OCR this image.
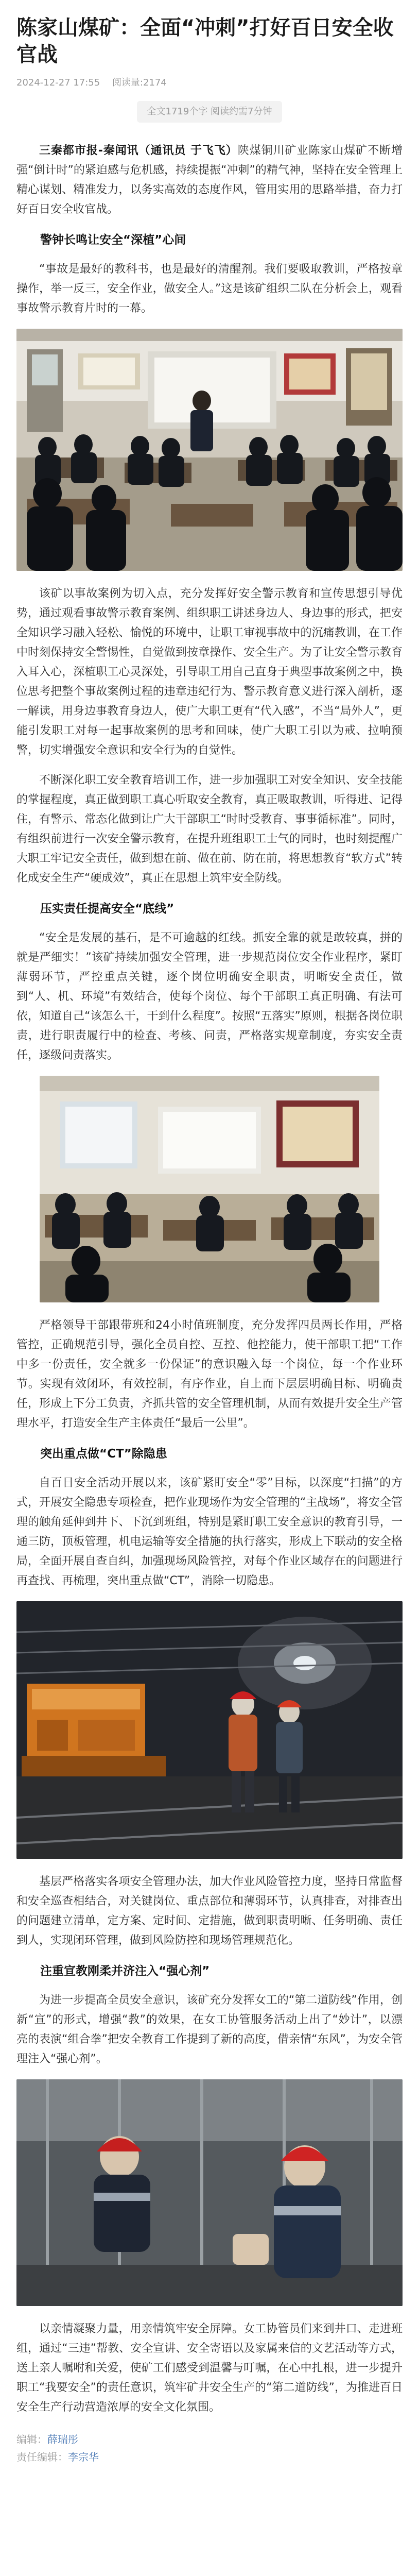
陈家山煤矿：全面“冲刺”打好百日安全收官战
2024-12-27 17:55 阅读量:2174
全文1719个字 阅读约需7分钟

三秦都市报-秦闻讯（通讯员 于飞飞）陕煤铜川矿业陈家山煤矿不断增强“倒计时”的紧迫感与危机感，持续提振“冲刺”的精气神，坚持在安全管理上精心谋划、精准发力，以务实高效的态度作风，管用实用的思路举措，奋力打好百日安全收官战。

警钟长鸣让安全“深植”心间

“事故是最好的教科书，也是最好的清醒剂。我们要吸取教训，严格按章操作，举一反三，安全作业，做安全人。”这是该矿组织二队在分析会上，观看事故警示教育片时的一幕。

该矿以事故案例为切入点，充分发挥好安全警示教育和宣传思想引导优势，通过观看事故警示教育案例、组织职工讲述身边人、身边事的形式，把安全知识学习融入轻松、愉悦的环境中，让职工审视事故中的沉痛教训，在工作中时刻保持安全警惕性，自觉做到按章操作、安全生产。为了让安全警示教育入耳入心，深植职工心灵深处，引导职工用自己直身于典型事故案例之中，换位思考把整个事故案例过程的违章违纪行为、警示教育意义进行深入剖析，逐一解读，用身边事教育身边人，使广大职工更有“代入感”，不当“局外人”，更能引发职工对每一起事故案例的思考和回味，使广大职工引以为戒、拉响预警，切实增强安全意识和安全行为的自觉性。

不断深化职工安全教育培训工作，进一步加强职工对安全知识、安全技能的掌握程度，真正做到职工真心听取安全教育，真正吸取教训，听得进、记得住，有警示、常态化做到让广大干部职工“时时受教育、事事循标准”。同时，有组织前进行一次安全警示教育，在提升班组职工士气的同时，也时刻提醒广大职工牢记安全责任，做到想在前、做在前、防在前，将思想教育“软方式”转化成安全生产“硬成效”，真正在思想上筑牢安全防线。

压实责任提高安全“底线”

“安全是发展的基石，是不可逾越的红线。抓安全靠的就是敢较真，拼的就是严细实！”该矿持续加强安全管理，进一步规范岗位安全作业程序，紧盯薄弱环节，严控重点关键，逐个岗位明确安全职责，明晰安全责任，做到“人、机、环境”有效结合，使每个岗位、每个干部职工真正明确、有法可依，知道自己“该怎么干，干到什么程度”。按照“五落实”原则，根据各岗位职责，进行职责履行中的检查、考核、问责，严格落实规章制度，夯实安全责任，逐级问责落实。

严格领导干部跟带班和24小时值班制度，充分发挥四员两长作用，严格管控，正确规范引导，强化全员自控、互控、他控能力，使干部职工把“工作中多一份责任，安全就多一份保证”的意识融入每一个岗位，每一个作业环节。实现有效闭环，有效控制，有序作业，自上而下层层明确目标、明确责任，形成上下分工负责，齐抓共管的安全管理机制，从而有效提升安全生产管理水平，打造安全生产主体责任“最后一公里”。

突出重点做“CT”除隐患

自百日安全活动开展以来，该矿紧盯安全“零”目标，以深度“扫描”的方式，开展安全隐患专项检查，把作业现场作为安全管理的“主战场”，将安全管理的触角延伸到井下、下沉到班组，特别是紧盯职工安全意识的教育引导，一通三防，顶板管理，机电运输等安全措施的执行落实，形成上下联动的安全格局，全面开展自查自纠，加强现场风险管控，对每个作业区域存在的问题进行再查找、再梳理，突出重点做“CT”，消除一切隐患。

基层严格落实各项安全管理办法，加大作业风险管控力度，坚持日常监督和安全巡查相结合，对关键岗位、重点部位和薄弱环节，认真排查，对排查出的问题建立清单，定方案、定时间、定措施，做到职责明晰、任务明确、责任到人，实现闭环管理，做到风险防控和现场管理规范化。

注重宣教刚柔并济注入“强心剂”

为进一步提高全员安全意识，该矿充分发挥女工的“第二道防线”作用，创新“宣”的形式，增强“教”的效果，在女工协管服务活动上出了“妙计”，以漂亮的表演“组合拳”把安全教育工作提到了新的高度，借亲情“东风”，为安全管理注入“强心剂”。

以亲情凝聚力量，用亲情筑牢安全屏障。女工协管员们来到井口、走进班组，通过“三违”帮教、安全宣讲、安全寄语以及家属来信的文艺活动等方式，送上亲人嘱咐和关爱，使矿工们感受到温馨与叮嘱，在心中扎根，进一步提升职工“我要安全”的责任意识，筑牢矿井安全生产的“第二道防线”，为推进百日安全生产行动营造浓厚的安全文化氛围。

编辑：薛瑞彤
责任编辑：李宗华
